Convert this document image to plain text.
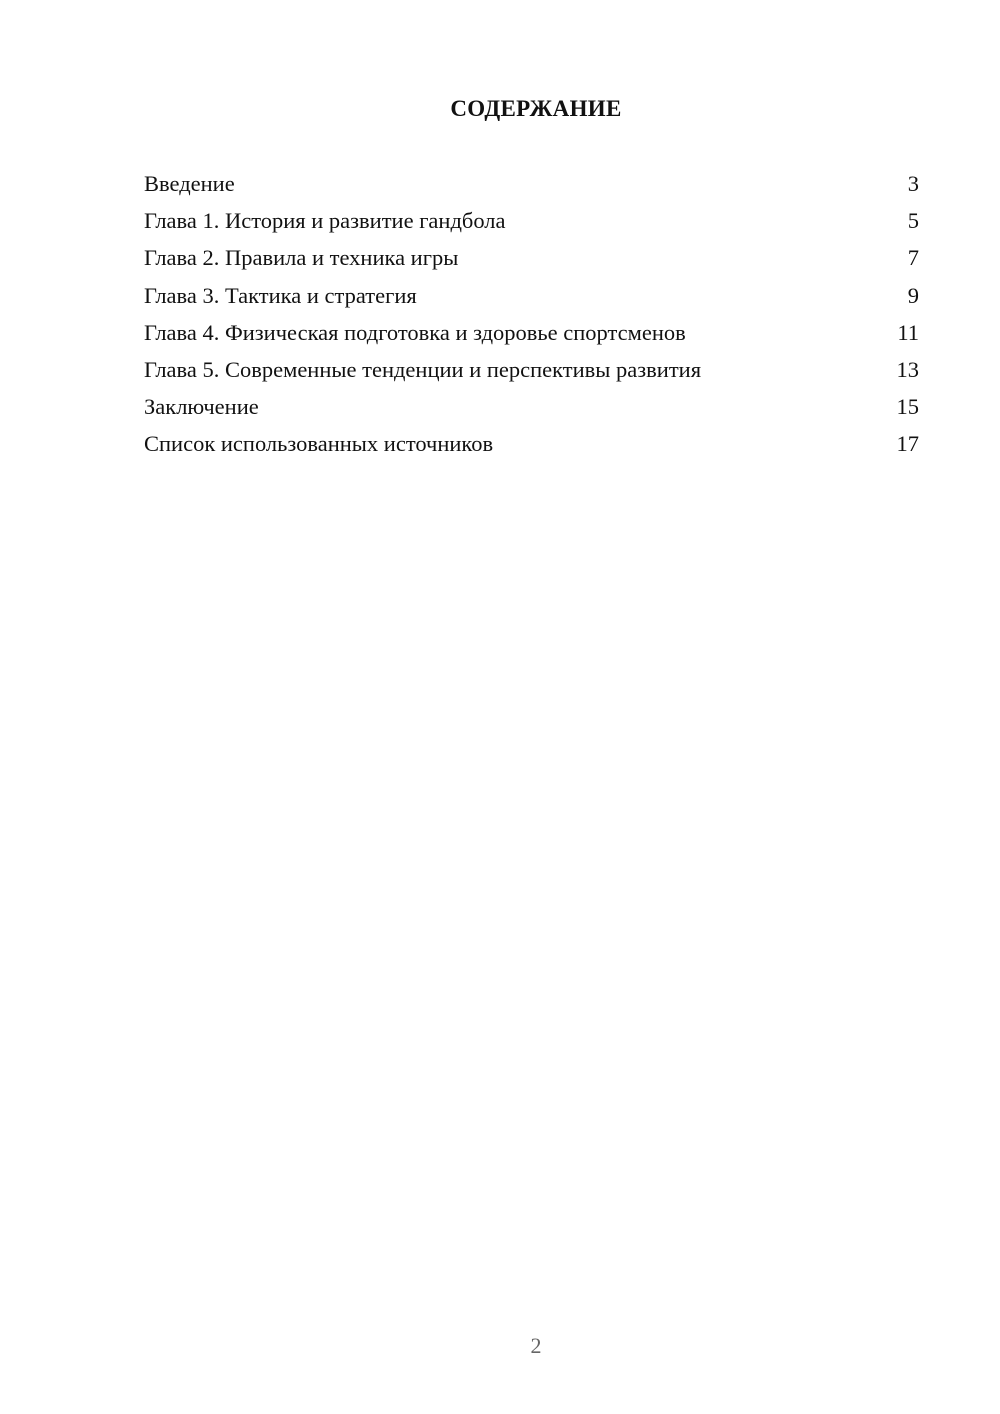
СОДЕРЖАНИЕ
Введение	3
Глава 1. История и развитие гандбола	5
Глава 2. Правила и техника игры	7
Глава 3. Тактика и стратегия	9
Глава 4. Физическая подготовка и здоровье спортсменов	11
Глава 5. Современные тенденции и перспективы развития	13
Заключение	15
Список использованных источников	17
2
